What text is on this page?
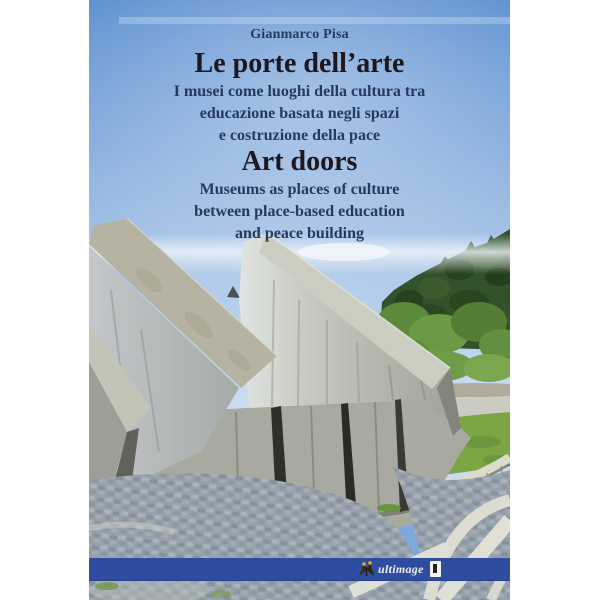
Gianmarco Pisa
Le porte dell’arte
I musei come luoghi della cultura tra
educazione basata negli spazi
e costruzione della pace
Art doors
Museums as places of culture
between place-based education
and peace building
ultimage
